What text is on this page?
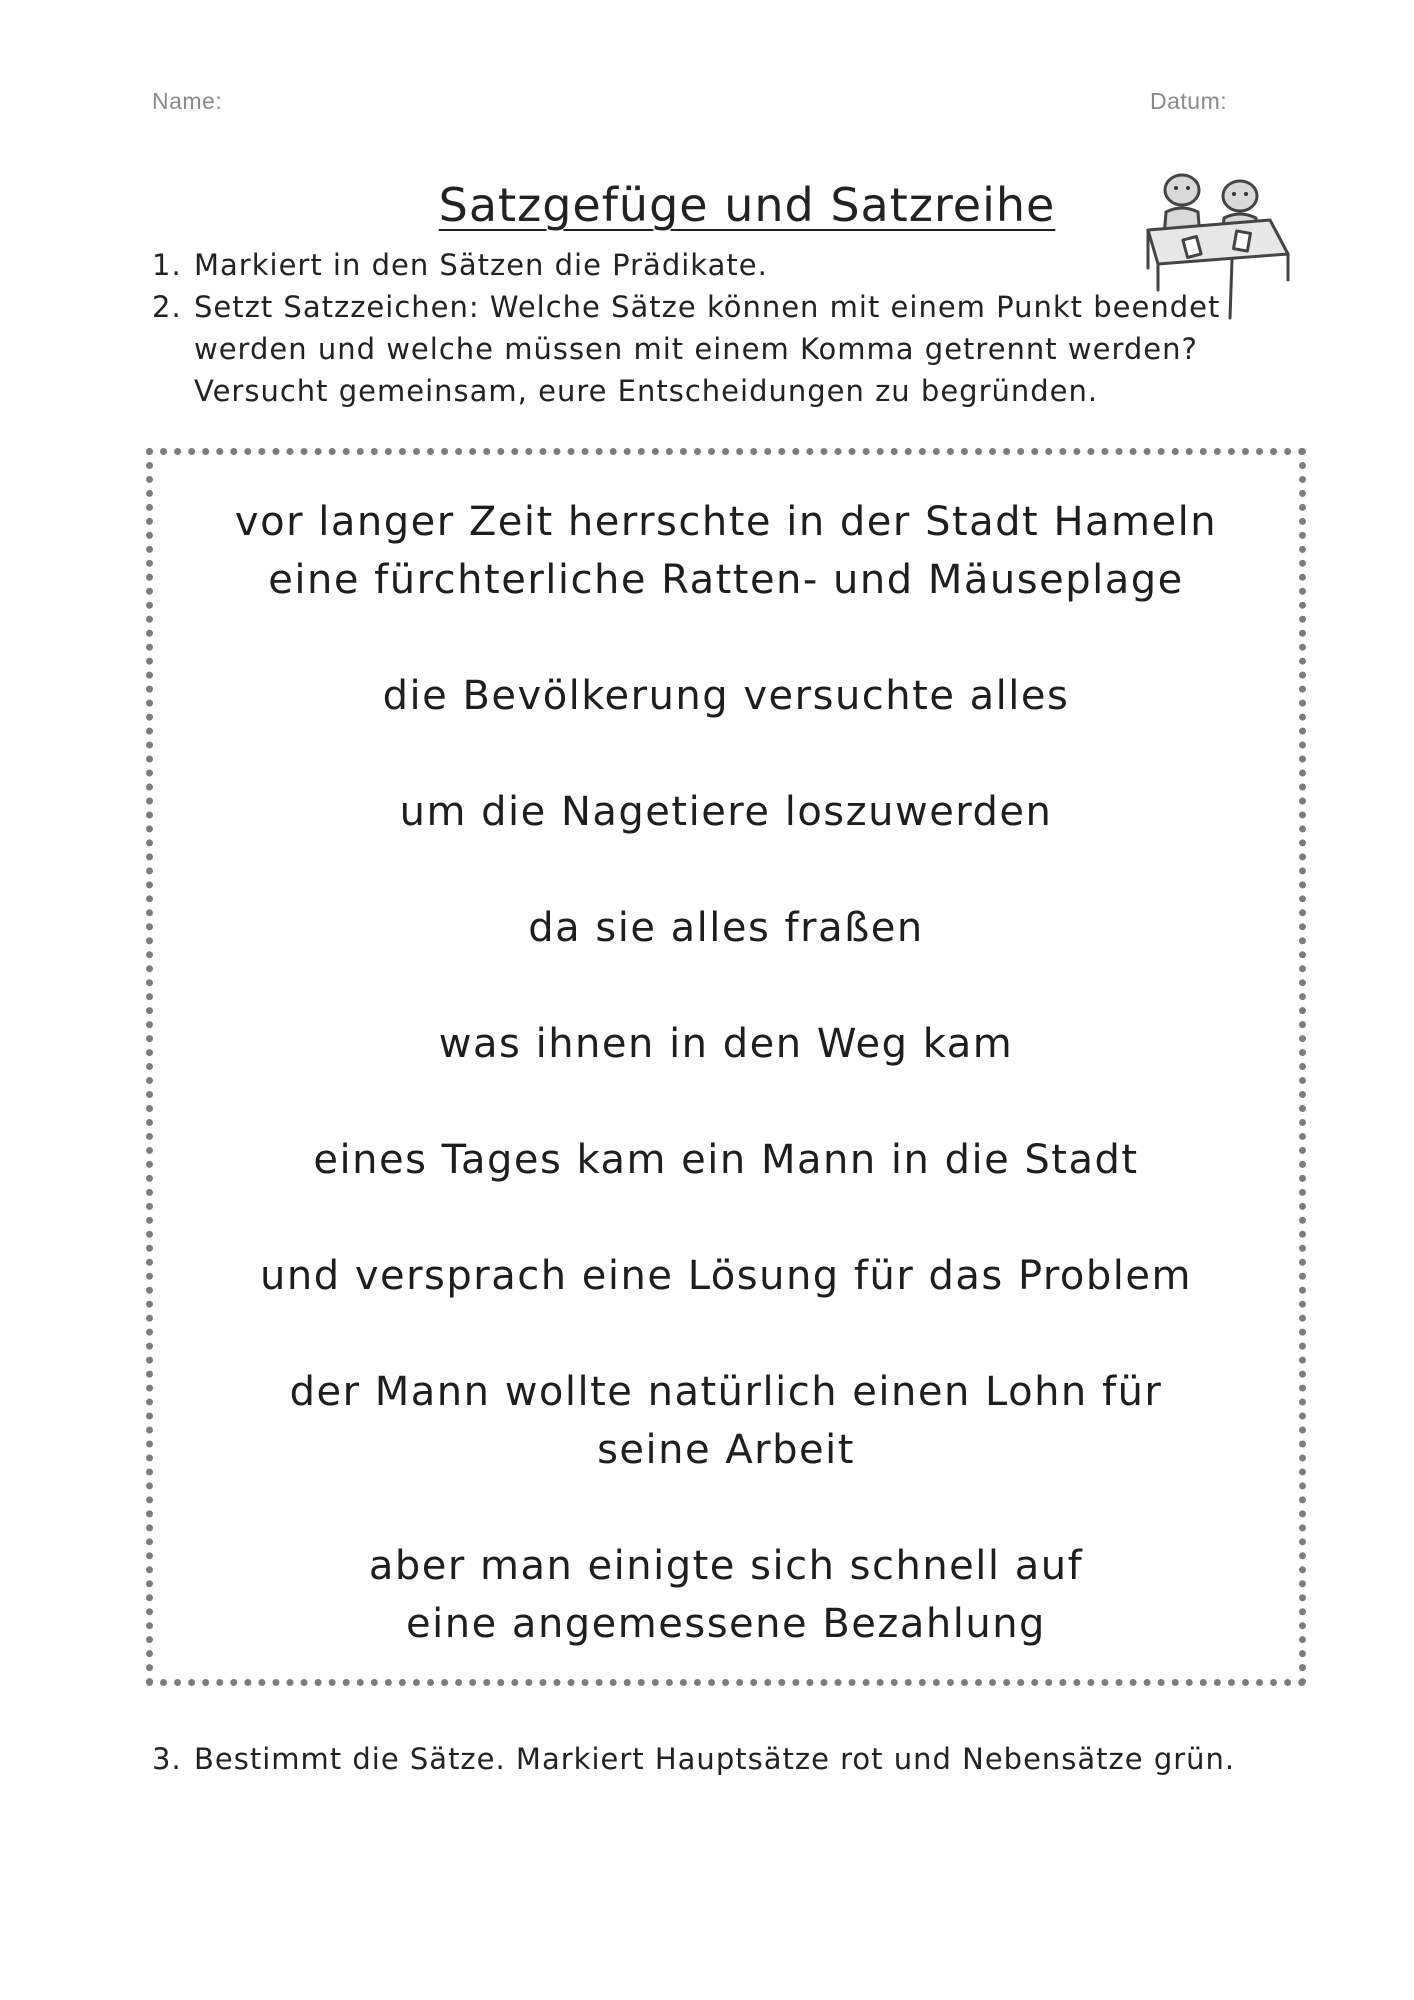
Name:	Datum:
Satzgefüge und Satzreihe
1. Markiert in den Sätzen die Prädikate.
2. Setzt Satzzeichen: Welche Sätze können mit einem Punkt beendet werden und welche müssen mit einem Komma getrennt werden? Versucht gemeinsam, eure Entscheidungen zu begründen.
vor langer Zeit herrschte in der Stadt Hameln eine fürchterliche Ratten- und Mäuseplage
die Bevölkerung versuchte alles
um die Nagetiere loszuwerden
da sie alles fraßen
was ihnen in den Weg kam
eines Tages kam ein Mann in die Stadt
und versprach eine Lösung für das Problem
der Mann wollte natürlich einen Lohn für seine Arbeit
aber man einigte sich schnell auf eine angemessene Bezahlung
3. Bestimmt die Sätze. Markiert Hauptsätze rot und Nebensätze grün.
